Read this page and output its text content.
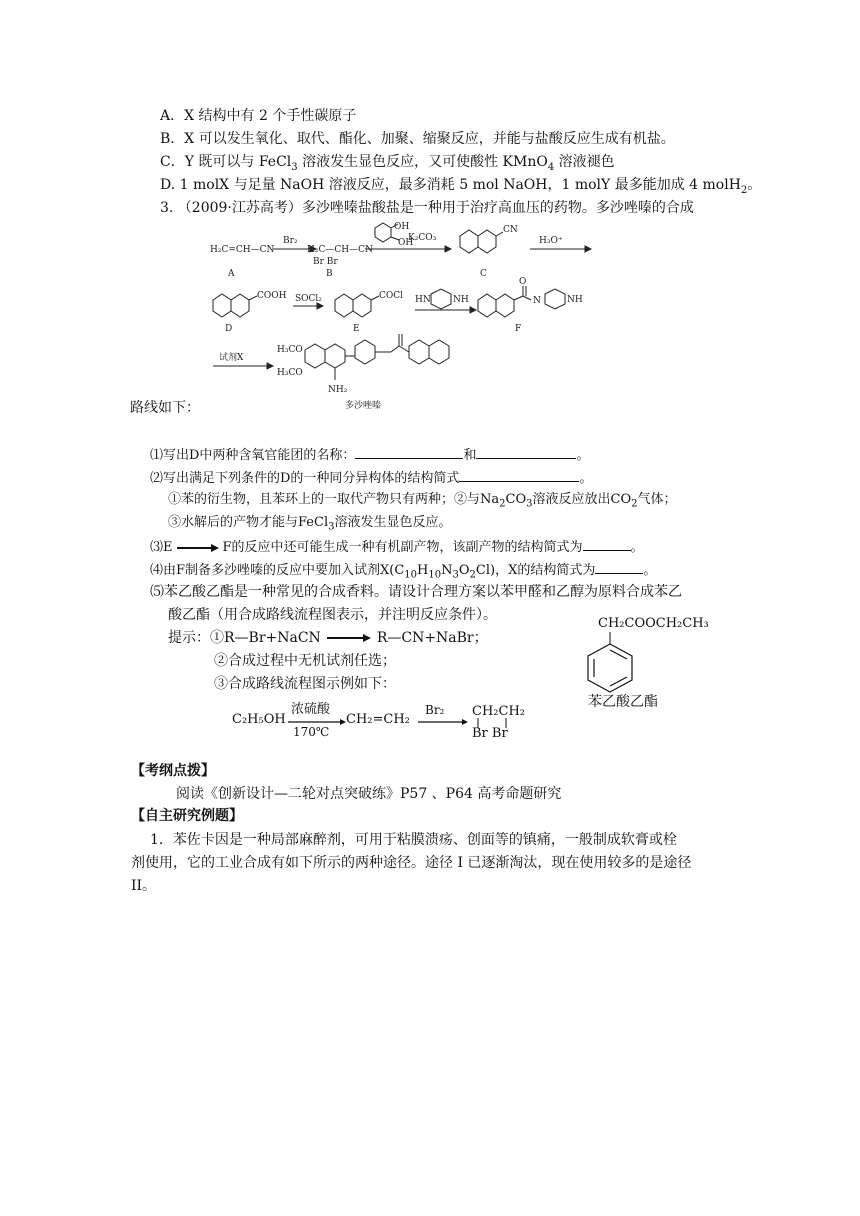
A．X 结构中有 2 个手性碳原子
B．X 可以发生氧化、取代、酯化、加聚、缩聚反应，并能与盐酸反应生成有机盐。
C．Y 既可以与 FeCl$_3$ 溶液发生显色反应，又可使酸性 KMnO$_4$ 溶液褪色
D. 1 molX 与足量 NaOH 溶液反应，最多消耗 5 mol NaOH，1 molY 最多能加成 4 molH$_2$。
3. （2009·江苏高考）多沙唑嗪盐酸盐是一种用于治疗高血压的药物。多沙唑嗪的合成
H₂C=CH—CN
A
Br₂
H₂C—CH—CN
Br Br
B
OH
OH
K₂CO₃
CN
C
H₃O⁺
COOH
D
SOCl₂	COCl
E
HN NH
O
N	NH
F
试剂X
H₃CO
H₃CO
NH₂
多沙唑嗪
路线如下：
⑴写出D中两种含氧官能团的名称：	和	。
⑵写出满足下列条件的D的一种同分异构体的结构简式	。
①苯的衍生物，且苯环上的一取代产物只有两种；②与$Na_2CO_3$溶液反应放出$CO_2$气体；
③水解后的产物才能与FeCl$_3$溶液发生显色反应。
⑶E → F的反应中还可能生成一种有机副产物，该副产物的结构简式为	。
⑷由F制备多沙唑嗪的反应中要加入试剂$X(C_{10}H_{10}N_3O_2Cl)$，X的结构简式为	。
⑸苯乙酸乙酯是一种常见的合成香料。请设计合理方案以苯甲醛和乙醇为原料合成苯乙
酸乙酯（用合成路线流程图表示，并注明反应条件）。
提示：①R—Br+NaCN → R—CN+NaBr；
②合成过程中无机试剂任选；
③合成路线流程图示例如下：
CH₂COOCH₂CH₃
苯乙酸乙酯
C₂H₅OH
浓硫酸
170℃
CH₂=CH₂
Br₂ CH₂CH₂
Br Br
【考纲点拨】
阅读《创新设计—二轮对点突破练》P57 、P64 高考命题研究
【自主研究例题】
1．苯佐卡因是一种局部麻醉剂，可用于粘膜溃疡、创面等的镇痛，一般制成软膏或栓
剂使用，它的工业合成有如下所示的两种途径。途径 I 已逐渐淘汰，现在使用较多的是途径
II。
